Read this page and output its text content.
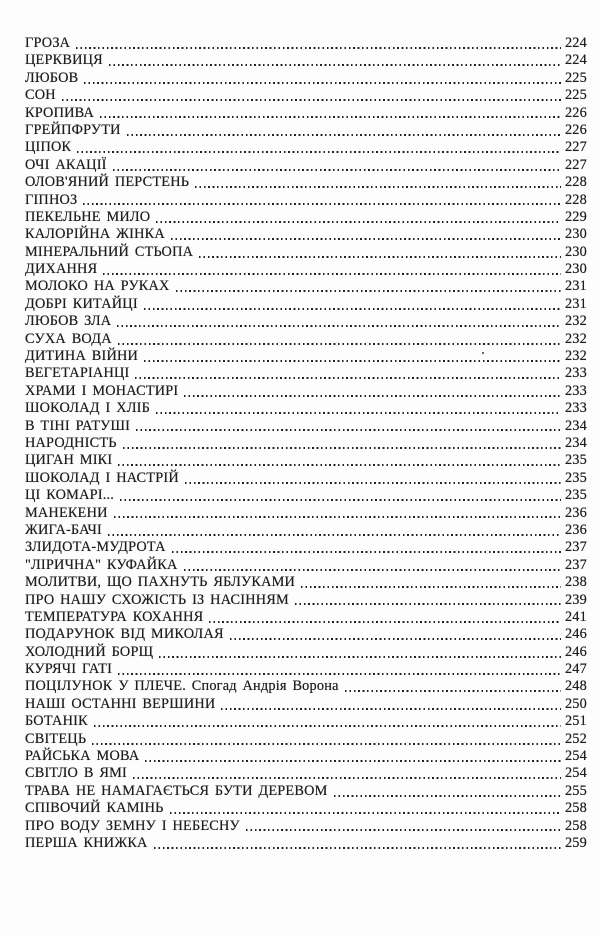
ГРОЗА	224
ЦЕРКВИЦЯ	224
ЛЮБОВ	225
СОН	225
КРОПИВА	226
ГРЕЙПФРУТИ	226
ЦІПОК	227
ОЧІ АКАЦІЇ	227
ОЛОВ'ЯНИЙ ПЕРСТЕНЬ	228
ГІПНОЗ	228
ПЕКЕЛЬНЕ МИЛО	229
КАЛОРІЙНА ЖІНКА	230
МІНЕРАЛЬНИЙ СТЬОПА	230
ДИХАННЯ	230
МОЛОКО НА РУКАХ	231
ДОБРІ КИТАЙЦІ	231
ЛЮБОВ ЗЛА	232
СУХА ВОДА	232
ДИТИНА ВІЙНИ	232
ВЕГЕТАРІАНЦІ	233
ХРАМИ І МОНАСТИРІ	233
ШОКОЛАД І ХЛІБ	233
В ТІНІ РАТУШІ	234
НАРОДНІСТЬ	234
ЦИГАН МІКІ	235
ШОКОЛАД І НАСТРІЙ	235
ЦІ КОМАРІ...	235
МАНЕКЕНИ	236
ЖИГА-БАЧІ	236
ЗЛИДОТА-МУДРОТА	237
"ЛІРИЧНА" КУФАЙКА	237
МОЛИТВИ, ЩО ПАХНУТЬ ЯБЛУКАМИ	238
ПРО НАШУ СХОЖІСТЬ ІЗ НАСІННЯМ	239
ТЕМПЕРАТУРА КОХАННЯ	241
ПОДАРУНОК ВІД МИКОЛАЯ	246
ХОЛОДНИЙ БОРЩ	246
КУРЯЧІ ГАТІ	247
ПОЦІЛУНОК У ПЛЕЧЕ. Спогад Андрія Ворона	248
НАШІ ОСТАННІ ВЕРШИНИ	250
БОТАНІК	251
СВІТЕЦЬ	252
РАЙСЬКА МОВА	254
СВІТЛО В ЯМІ	254
ТРАВА НЕ НАМАГАЄТЬСЯ БУТИ ДЕРЕВОМ	255
СПІВОЧИЙ КАМІНЬ	258
ПРО ВОДУ ЗЕМНУ І НЕБЕСНУ	258
ПЕРША КНИЖКА	259
